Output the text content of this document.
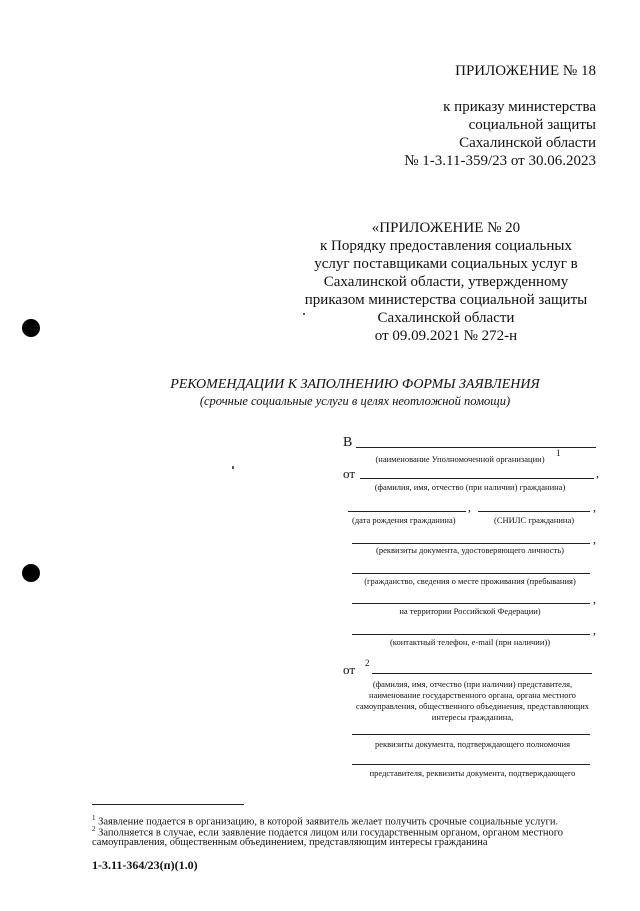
ПРИЛОЖЕНИЕ № 18
к приказу министерства
социальной защиты
Сахалинской области
№ 1-3.11-359/23 от 30.06.2023
«ПРИЛОЖЕНИЕ № 20
к Порядку предоставления социальных
услуг поставщиками социальных услуг в
Сахалинской области, утвержденному
приказом министерства социальной защиты
Сахалинской области
от 09.09.2021 № 272-н
РЕКОМЕНДАЦИИ К ЗАПОЛНЕНИЮ ФОРМЫ ЗАЯВЛЕНИЯ
(срочные социальные услуги в целях неотложной помощи)
В
(наименование Уполномоченной организации)
1
от	,
(фамилия, имя, отчество (при наличии) гражданина)
,
(дата рождения гражданина)
,
(СНИЛС гражданина)
,
(реквизиты документа, удостоверяющего личность)
(гражданство, сведения о месте проживания (пребывания)
,
на территории Российской Федерации)
,
(контактный телефон, e-mail (при наличии))
от 2
(фамилия, имя, отчество (при наличии) представителя,
наименование государственного органа, органа местного
самоуправления, общественного объединения, представляющих
интересы гражданина,
реквизиты документа, подтверждающего полномочия
представителя, реквизиты документа, подтверждающего
$^1$ Заявление подается в организацию, в которой заявитель желает получить срочные социальные услуги.
$^2$ Заполняется в случае, если заявление подается лицом или государственным органом, органом местного
самоуправления, общественным объединением, представляющим интересы гражданина
1-3.11-364/23(п)(1.0)
